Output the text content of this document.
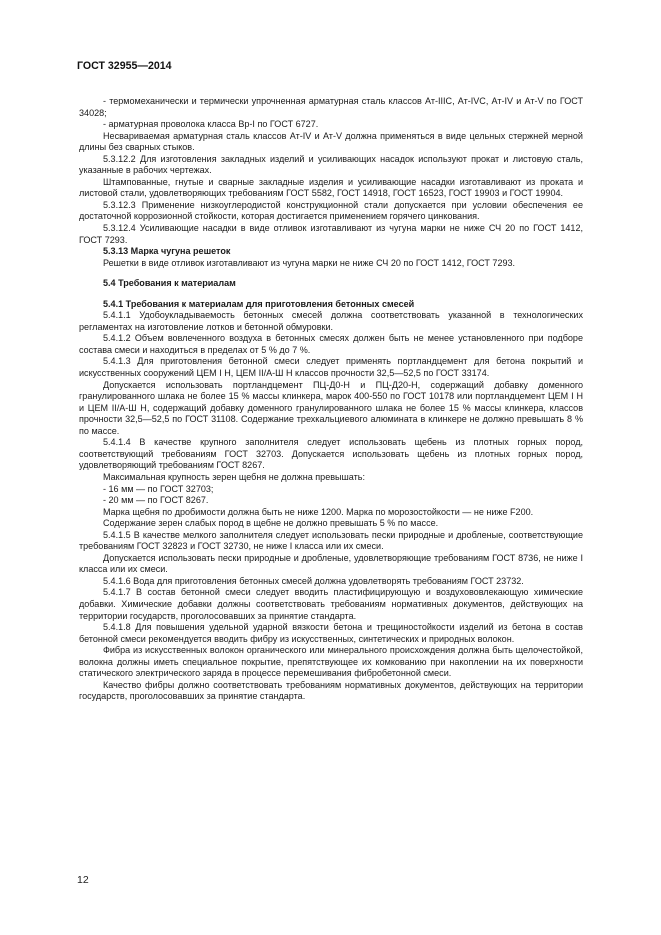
ГОСТ 32955—2014

- термомеханически и термически упрочненная арматурная сталь классов Ат-IIIC, Ат-IVC, Ат-IV и Ат-V по ГОСТ 34028;

- арматурная проволока класса Вр-I по ГОСТ 6727.

Несвариваемая арматурная сталь классов Ат-IV и Ат-V должна применяться в виде цельных стержней мерной длины без сварных стыков.

5.3.12.2 Для изготовления закладных изделий и усиливающих насадок используют прокат и листовую сталь, указанные в рабочих чертежах.

Штампованные, гнутые и сварные закладные изделия и усиливающие насадки изготавливают из проката и листовой стали, удовлетворяющих требованиям ГОСТ 5582, ГОСТ 14918, ГОСТ 16523, ГОСТ 19903 и ГОСТ 19904.

5.3.12.3 Применение низкоуглеродистой конструкционной стали допускается при условии обеспечения ее достаточной коррозионной стойкости, которая достигается применением горячего цинкования.

5.3.12.4 Усиливающие насадки в виде отливок изготавливают из чугуна марки не ниже СЧ 20 по ГОСТ 1412, ГОСТ 7293.

5.3.13 Марка чугуна решеток

Решетки в виде отливок изготавливают из чугуна марки не ниже СЧ 20 по ГОСТ 1412, ГОСТ 7293.

5.4 Требования к материалам

5.4.1 Требования к материалам для приготовления бетонных смесей

5.4.1.1 Удобоукладываемость бетонных смесей должна соответствовать указанной в технологических регламентах на изготовление лотков и бетонной обмуровки.

5.4.1.2 Объем вовлеченного воздуха в бетонных смесях должен быть не менее установленного при подборе состава смеси и находиться в пределах от 5 % до 7 %.

5.4.1.3 Для приготовления бетонной смеси следует применять портландцемент для бетона покрытий и искусственных сооружений ЦЕМ I Н, ЦЕМ II/А-Ш Н классов прочности 32,5—52,5 по ГОСТ 33174.

Допускается использовать портландцемент ПЦ-Д0-Н и ПЦ-Д20-Н, содержащий добавку доменного гранулированного шлака не более 15 % массы клинкера, марок 400-550 по ГОСТ 10178 или портландцемент ЦЕМ I Н и ЦЕМ II/А-Ш Н, содержащий добавку доменного гранулированного шлака не более 15 % массы клинкера, классов прочности 32,5—52,5 по ГОСТ 31108. Содержание трехкальциевого алюмината в клинкере не должно превышать 8 % по массе.

5.4.1.4 В качестве крупного заполнителя следует использовать щебень из плотных горных пород, соответствующий требованиям ГОСТ 32703. Допускается использовать щебень из плотных горных пород, удовлетворяющий требованиям ГОСТ 8267.

Максимальная крупность зерен щебня не должна превышать:

- 16 мм — по ГОСТ 32703;

- 20 мм — по ГОСТ 8267.

Марка щебня по дробимости должна быть не ниже 1200. Марка по морозостойкости — не ниже F200.

Содержание зерен слабых пород в щебне не должно превышать 5 % по массе.

5.4.1.5 В качестве мелкого заполнителя следует использовать пески природные и дробленые, соответствующие требованиям ГОСТ 32823 и ГОСТ 32730, не ниже I класса или их смеси.

Допускается использовать пески природные и дробленые, удовлетворяющие требованиям ГОСТ 8736, не ниже I класса или их смеси.

5.4.1.6 Вода для приготовления бетонных смесей должна удовлетворять требованиям ГОСТ 23732.

5.4.1.7 В состав бетонной смеси следует вводить пластифицирующую и воздухововлекающую химические добавки. Химические добавки должны соответствовать требованиям нормативных документов, действующих на территории государств, проголосовавших за принятие стандарта.

5.4.1.8 Для повышения удельной ударной вязкости бетона и трещиностойкости изделий из бетона в состав бетонной смеси рекомендуется вводить фибру из искусственных, синтетических и природных волокон.

Фибра из искусственных волокон органического или минерального происхождения должна быть щелочестойкой, волокна должны иметь специальное покрытие, препятствующее их комкованию при накоплении на их поверхности статического электрического заряда в процессе перемешивания фибробетонной смеси.

Качество фибры должно соответствовать требованиям нормативных документов, действующих на территории государств, проголосовавших за принятие стандарта.

12
